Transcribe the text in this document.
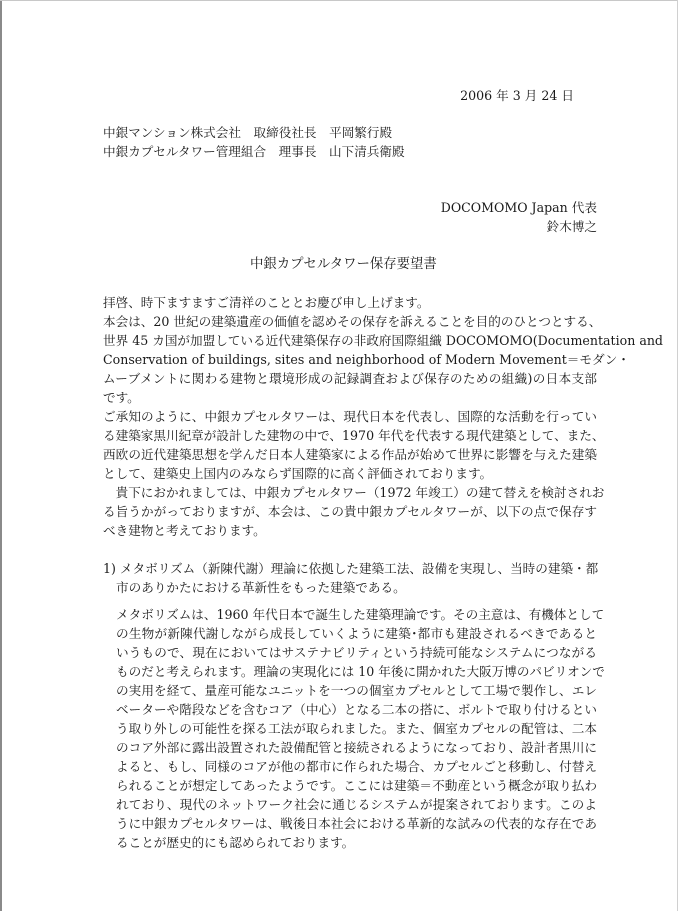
2006 年 3 月 24 日
中銀マンション株式会社　取締役社長　平岡繁行殿
中銀カプセルタワー管理組合　理事長　山下清兵衛殿
DOCOMOMO Japan 代表
鈴木博之
中銀カプセルタワー保存要望書
拝啓、時下ますますご清祥のこととお慶び申し上げます。
本会は、20 世紀の建築遺産の価値を認めその保存を訴えることを目的のひとつとする、
世界 45 カ国が加盟している近代建築保存の非政府国際組織 DOCOMOMO(Documentation and
Conservation of buildings, sites and neighborhood of Modern Movement＝モダン・
ムーブメントに関わる建物と環境形成の記録調査および保存のための組織)の日本支部
です。
ご承知のように、中銀カプセルタワーは、現代日本を代表し、国際的な活動を行ってい
る建築家黒川紀章が設計した建物の中で、1970 年代を代表する現代建築として、また、
西欧の近代建築思想を学んだ日本人建築家による作品が始めて世界に影響を与えた建築
として、建築史上国内のみならず国際的に高く評価されております。
　貴下におかれましては、中銀カプセルタワー（1972 年竣工）の建て替えを検討されお
る旨うかがっておりますが、本会は、この貴中銀カプセルタワーが、以下の点で保存す
べき建物と考えております。
1) メタボリズム（新陳代謝）理論に依拠した建築工法、設備を実現し、当時の建築・都
市のありかたにおける革新性をもった建築である。
メタボリズムは、1960 年代日本で誕生した建築理論です。その主意は、有機体として
の生物が新陳代謝しながら成長していくように建築･都市も建設されるべきであると
いうもので、現在においてはサステナビリティという持続可能なシステムにつながる
ものだと考えられます。理論の実現化には 10 年後に開かれた大阪万博のパビリオンで
の実用を経て、量産可能なユニットを一つの個室カプセルとして工場で製作し、エレ
ベーターや階段などを含むコア（中心）となる二本の搭に、ボルトで取り付けるとい
う取り外しの可能性を探る工法が取られました。また、個室カプセルの配管は、二本
のコア外部に露出設置された設備配管と接続されるようになっており、設計者黒川に
よると、もし、同様のコアが他の都市に作られた場合、カプセルごと移動し、付替え
られることが想定してあったようです。ここには建築＝不動産という概念が取り払わ
れており、現代のネットワーク社会に通じるシステムが提案されております。このよ
うに中銀カプセルタワーは、戦後日本社会における革新的な試みの代表的な存在であ
ることが歴史的にも認められております。
